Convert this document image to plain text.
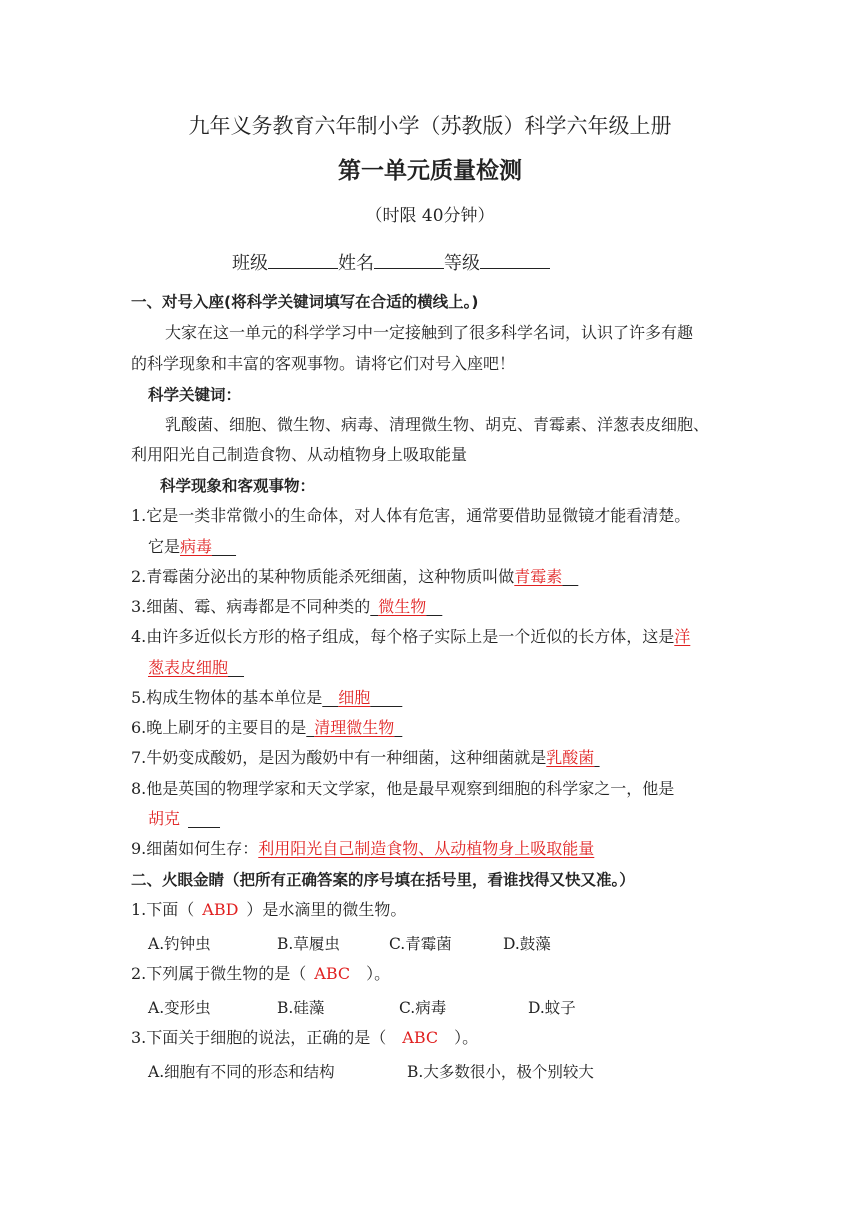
九年义务教育六年制小学（苏教版）科学六年级上册
第一单元质量检测
（时限 40分钟）
班级	姓名	等级
一、对号入座(将科学关键词填写在合适的横线上。)
大家在这一单元的科学学习中一定接触到了很多科学名词，认识了许多有趣
的科学现象和丰富的客观事物。请将它们对号入座吧！
科学关键词：
乳酸菌、细胞、微生物、病毒、清理微生物、胡克、青霉素、洋葱表皮细胞、
利用阳光自己制造食物、从动植物身上吸取能量
科学现象和客观事物：
1.它是一类非常微小的生命体，对人体有危害，通常要借助显微镜才能看清楚。
它是病毒  
2.青霉菌分泌出的某种物质能杀死细菌，这种物质叫做青霉素  
3.细菌、霉、病毒都是不同种类的  微生物  
4.由许多近似长方形的格子组成，每个格子实际上是一个近似的长方体，这是洋
葱表皮细胞  
5.构成生物体的基本单位是  细胞  
6.晚上刷牙的主要目的是  清理微生物 
7.牛奶变成酸奶，是因为酸奶中有一种细菌，这种细菌就是乳酸菌 
8.他是英国的物理学家和天文学家，他是最早观察到细胞的科学家之一，他是
胡克   
9.细菌如何生存：利用阳光自己制造食物、从动植物身上吸取能量
二、火眼金睛（把所有正确答案的序号填在括号里，看谁找得又快又准。）
1.下面（  ABD  ）是水滴里的微生物。
A.钓钟虫	B.草履虫	C.青霉菌	D.鼓藻
2.下列属于微生物的是（  ABC  ）。
A.变形虫	B.硅藻	C.病毒	D.蚊子
3.下面关于细胞的说法，正确的是（  ABC  ）。
A.细胞有不同的形态和结构	B.大多数很小，极个别较大
